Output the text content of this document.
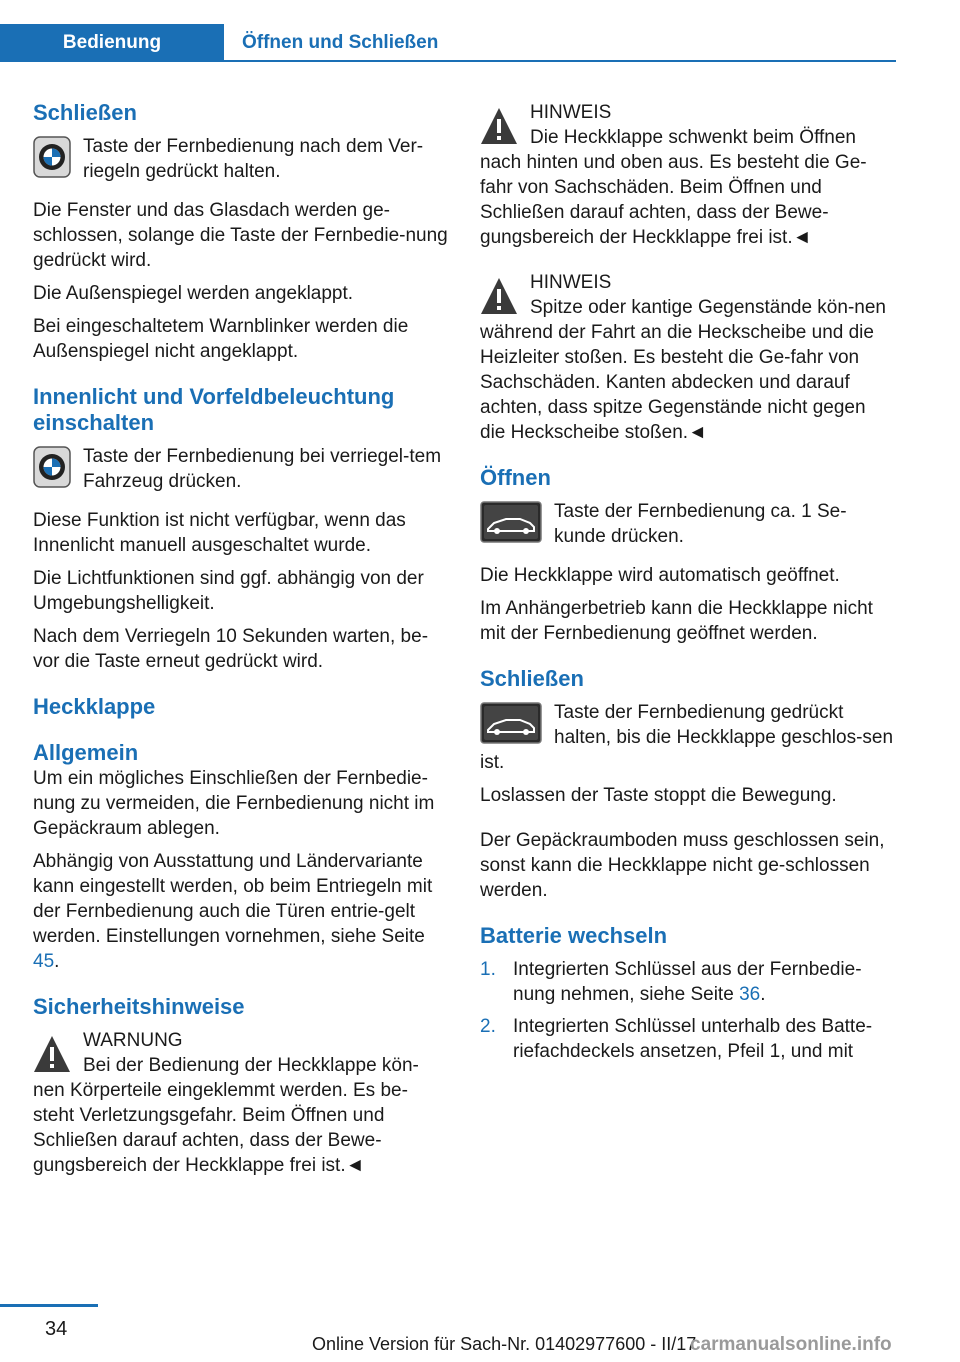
Bedienung	Öffnen und Schließen
Schließen

Taste der Fernbedienung nach dem Ver‐riegeln gedrückt halten.

Die Fenster und das Glasdach werden ge‐schlossen, solange die Taste der Fernbedie‐nung gedrückt wird.

Die Außenspiegel werden angeklappt.

Bei eingeschaltetem Warnblinker werden die Außenspiegel nicht angeklappt.

Innenlicht und Vorfeldbeleuchtung einschalten

Taste der Fernbedienung bei verriegel‐tem Fahrzeug drücken.

Diese Funktion ist nicht verfügbar, wenn das Innenlicht manuell ausgeschaltet wurde.

Die Lichtfunktionen sind ggf. abhängig von der Umgebungshelligkeit.

Nach dem Verriegeln 10 Sekunden warten, be‐vor die Taste erneut gedrückt wird.

Heckklappe
Allgemein

Um ein mögliches Einschließen der Fernbedie‐nung zu vermeiden, die Fernbedienung nicht im Gepäckraum ablegen.

Abhängig von Ausstattung und Ländervariante kann eingestellt werden, ob beim Entriegeln mit der Fernbedienung auch die Türen entrie‐gelt werden. Einstellungen vornehmen, siehe Seite 45.

Sicherheitshinweise

WARNUNG

Bei der Bedienung der Heckklappe kön‐nen Körperteile eingeklemmt werden. Es be‐steht Verletzungsgefahr. Beim Öffnen und Schließen darauf achten, dass der Bewe‐gungsbereich der Heckklappe frei ist.◄

HINWEIS

Die Heckklappe schwenkt beim Öffnen nach hinten und oben aus. Es besteht die Ge‐fahr von Sachschäden. Beim Öffnen und Schließen darauf achten, dass der Bewe‐gungsbereich der Heckklappe frei ist.◄

HINWEIS

Spitze oder kantige Gegenstände kön‐nen während der Fahrt an die Heckscheibe und die Heizleiter stoßen. Es besteht die Ge‐fahr von Sachschäden. Kanten abdecken und darauf achten, dass spitze Gegenstände nicht gegen die Heckscheibe stoßen.◄

Öffnen

Taste der Fernbedienung ca. 1 Se‐kunde drücken.

Die Heckklappe wird automatisch geöffnet.

Im Anhängerbetrieb kann die Heckklappe nicht mit der Fernbedienung geöffnet werden.

Schließen

Taste der Fernbedienung gedrückt halten, bis die Heckklappe geschlos‐sen ist.

Loslassen der Taste stoppt die Bewegung.

Der Gepäckraumboden muss geschlossen sein, sonst kann die Heckklappe nicht ge‐schlossen werden.

Batterie wechseln
1. Integrierten Schlüssel aus der Fernbedie‐nung nehmen, siehe Seite 36.
2. Integrierten Schlüssel unterhalb des Batte‐riefachdeckels ansetzen, Pfeil 1, und mit
34
Online Version für Sach-Nr. 01402977600 - II/17
carmanualsonline.info
